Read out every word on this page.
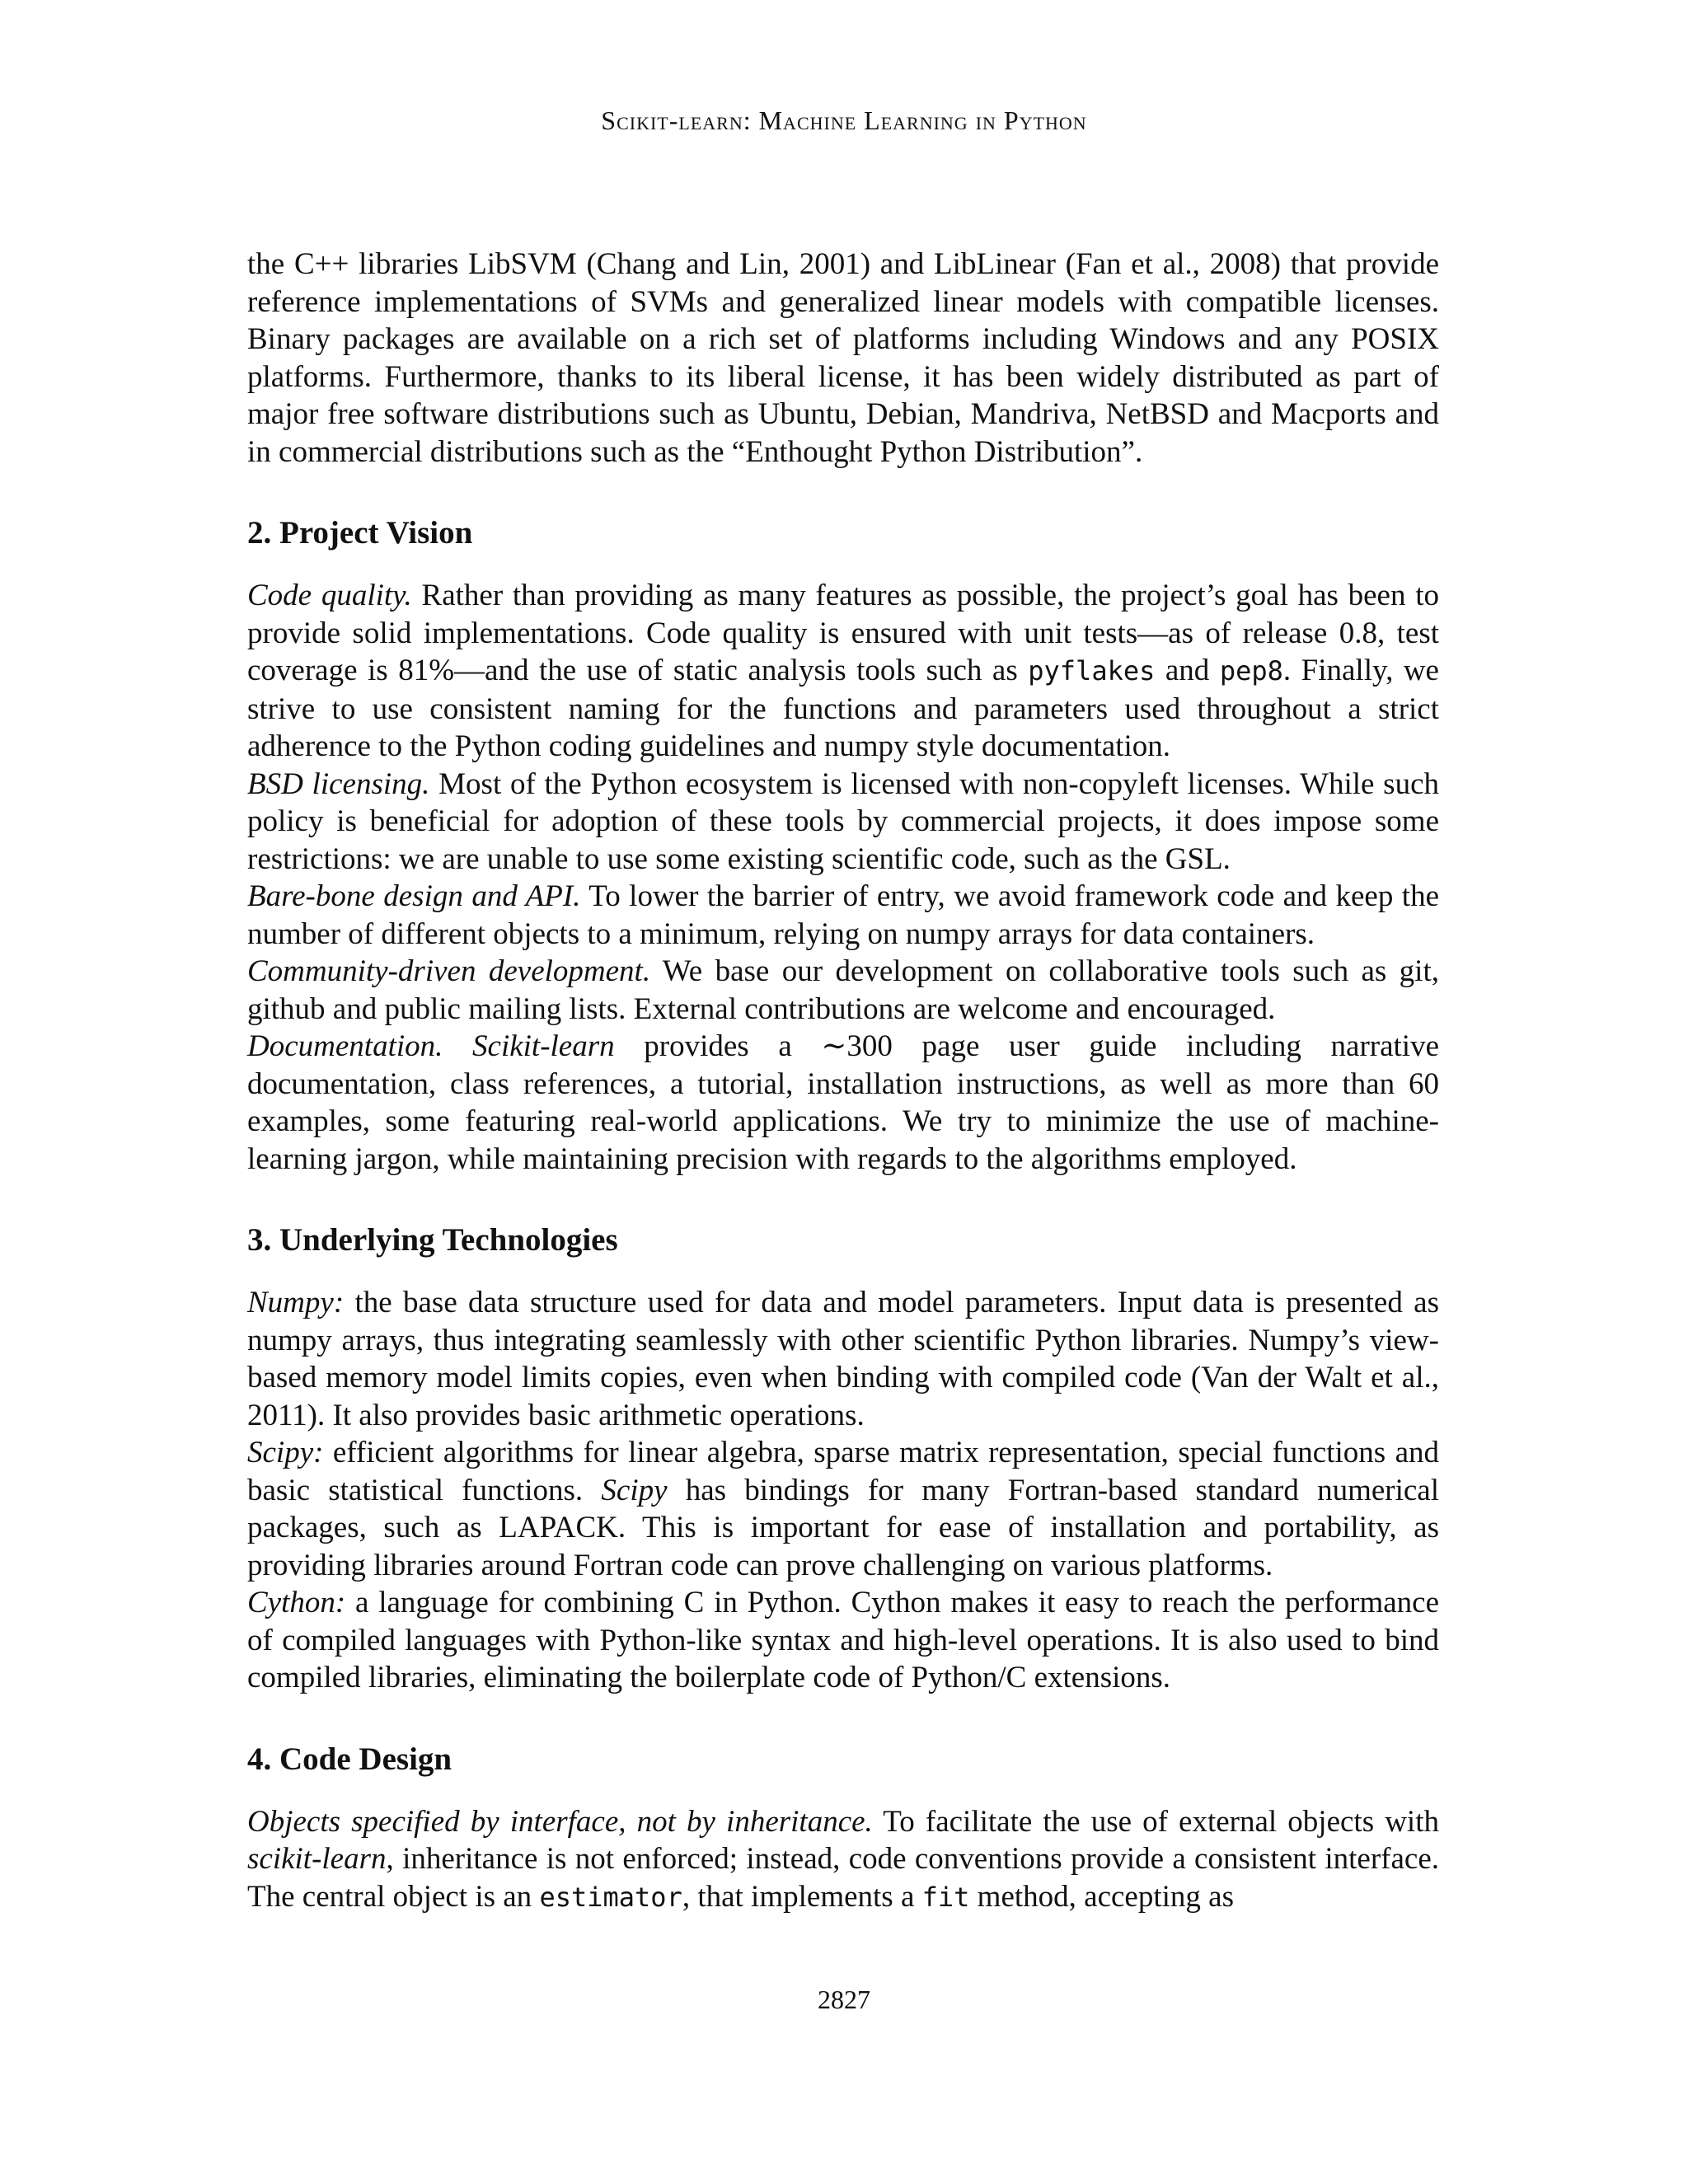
Scikit-learn: Machine Learning in Python

the C++ libraries LibSVM (Chang and Lin, 2001) and LibLinear (Fan et al., 2008) that provide reference implementations of SVMs and generalized linear models with compatible licenses. Binary packages are available on a rich set of platforms including Windows and any POSIX platforms. Furthermore, thanks to its liberal license, it has been widely distributed as part of major free software distributions such as Ubuntu, Debian, Mandriva, NetBSD and Macports and in commercial distributions such as the “Enthought Python Distribution”.

2. Project Vision

Code quality. Rather than providing as many features as possible, the project’s goal has been to provide solid implementations. Code quality is ensured with unit tests—as of release 0.8, test coverage is 81%—and the use of static analysis tools such as pyflakes and pep8. Finally, we strive to use consistent naming for the functions and parameters used throughout a strict adherence to the Python coding guidelines and numpy style documentation.

BSD licensing. Most of the Python ecosystem is licensed with non-copyleft licenses. While such policy is beneficial for adoption of these tools by commercial projects, it does impose some restrictions: we are unable to use some existing scientific code, such as the GSL.

Bare-bone design and API. To lower the barrier of entry, we avoid framework code and keep the number of different objects to a minimum, relying on numpy arrays for data containers.

Community-driven development. We base our development on collaborative tools such as git, github and public mailing lists. External contributions are welcome and encouraged.

Documentation. Scikit-learn provides a ∼300 page user guide including narrative documentation, class references, a tutorial, installation instructions, as well as more than 60 examples, some featuring real-world applications. We try to minimize the use of machine-learning jargon, while maintaining precision with regards to the algorithms employed.

3. Underlying Technologies

Numpy: the base data structure used for data and model parameters. Input data is presented as numpy arrays, thus integrating seamlessly with other scientific Python libraries. Numpy’s view-based memory model limits copies, even when binding with compiled code (Van der Walt et al., 2011). It also provides basic arithmetic operations.

Scipy: efficient algorithms for linear algebra, sparse matrix representation, special functions and basic statistical functions. Scipy has bindings for many Fortran-based standard numerical packages, such as LAPACK. This is important for ease of installation and portability, as providing libraries around Fortran code can prove challenging on various platforms.

Cython: a language for combining C in Python. Cython makes it easy to reach the performance of compiled languages with Python-like syntax and high-level operations. It is also used to bind compiled libraries, eliminating the boilerplate code of Python/C extensions.

4. Code Design

Objects specified by interface, not by inheritance. To facilitate the use of external objects with scikit-learn, inheritance is not enforced; instead, code conventions provide a consistent interface. The central object is an estimator, that implements a fit method, accepting as

2827
